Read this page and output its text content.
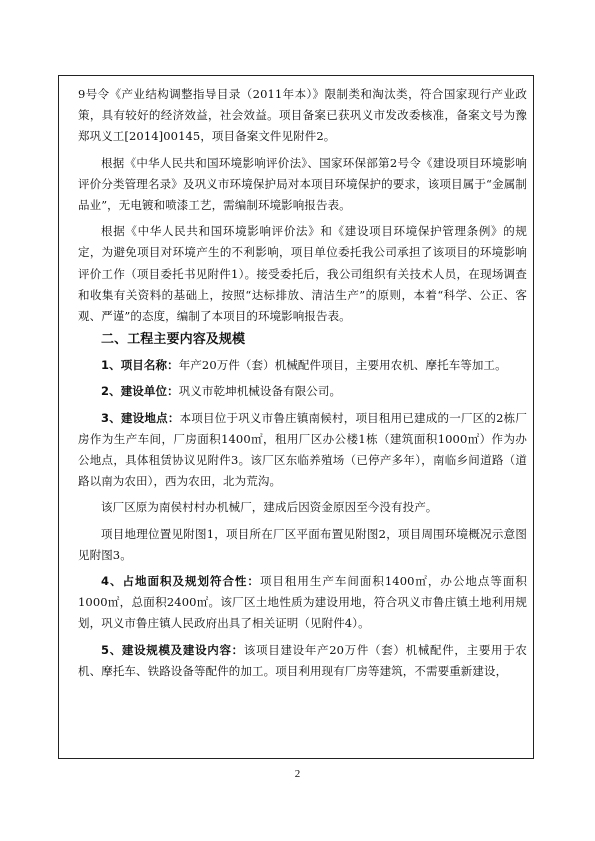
9号令《产业结构调整指导目录（2011年本）》限制类和淘汰类，符合国家现行产业政策，具有较好的经济效益，社会效益。项目备案已获巩义市发改委核准，备案文号为豫郑巩义工[2014]00145，项目备案文件见附件2。

根据《中华人民共和国环境影响评价法》、国家环保部第2号令《建设项目环境影响评价分类管理名录》及巩义市环境保护局对本项目环境保护的要求，该项目属于“金属制品业”，无电镀和喷漆工艺，需编制环境影响报告表。

根据《中华人民共和国环境影响评价法》和《建设项目环境保护管理条例》的规定，为避免项目对环境产生的不利影响，项目单位委托我公司承担了该项目的环境影响评价工作（项目委托书见附件1）。接受委托后，我公司组织有关技术人员，在现场调查和收集有关资料的基础上，按照“达标排放、清洁生产”的原则，本着“科学、公正、客观、严谨”的态度，编制了本项目的环境影响报告表。

二、工程主要内容及规模

1、项目名称：年产20万件（套）机械配件项目，主要用农机、摩托车等加工。

2、建设单位：巩义市乾坤机械设备有限公司。

3、建设地点：本项目位于巩义市鲁庄镇南候村，项目租用已建成的一厂区的2栋厂房作为生产车间，厂房面积1400㎡，租用厂区办公楼1栋（建筑面积1000㎡）作为办公地点，具体租赁协议见附件3。该厂区东临养殖场（已停产多年），南临乡间道路（道路以南为农田），西为农田，北为荒沟。

该厂区原为南侯村村办机械厂，建成后因资金原因至今没有投产。

项目地理位置见附图1，项目所在厂区平面布置见附图2，项目周围环境概况示意图见附图3。

4、占地面积及规划符合性：项目租用生产车间面积1400㎡，办公地点等面积1000㎡，总面积2400㎡。该厂区土地性质为建设用地，符合巩义市鲁庄镇土地利用规划，巩义市鲁庄镇人民政府出具了相关证明（见附件4）。

5、建设规模及建设内容：该项目建设年产20万件（套）机械配件，主要用于农机、摩托车、铁路设备等配件的加工。项目利用现有厂房等建筑，不需要重新建设，

2
